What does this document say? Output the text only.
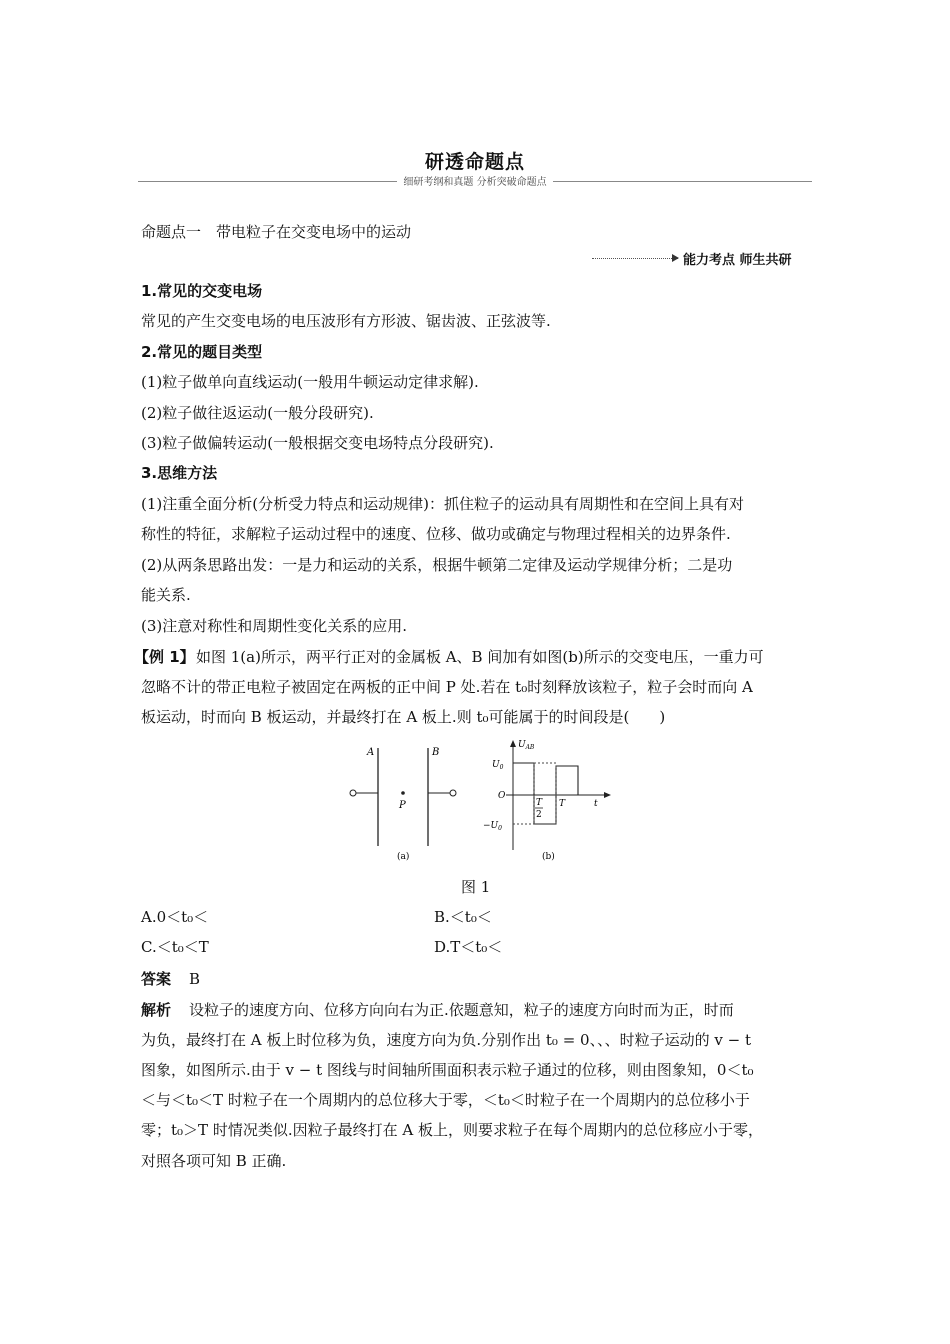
研透命题点
细研考纲和真题 分析突破命题点
命题点一　带电粒子在交变电场中的运动
能力考点 师生共研
1.常见的交变电场
常见的产生交变电场的电压波形有方形波、锯齿波、正弦波等.
2.常见的题目类型
(1)粒子做单向直线运动(一般用牛顿运动定律求解).
(2)粒子做往返运动(一般分段研究).
(3)粒子做偏转运动(一般根据交变电场特点分段研究).
3.思维方法
(1)注重全面分析(分析受力特点和运动规律)：抓住粒子的运动具有周期性和在空间上具有对
称性的特征，求解粒子运动过程中的速度、位移、做功或确定与物理过程相关的边界条件.
(2)从两条思路出发：一是力和运动的关系，根据牛顿第二定律及运动学规律分析；二是功
能关系.
(3)注意对称性和周期性变化关系的应用.
【例 1】 如图 1(a)所示，两平行正对的金属板 A、B 间加有如图(b)所示的交变电压，一重力可
忽略不计的带正电粒子被固定在两板的正中间 P 处.若在 t₀时刻释放该粒子，粒子会时而向 A
板运动，时而向 B 板运动，并最终打在 A 板上.则 t₀可能属于的时间段是(　　)
A	B
P
(a)
$U_{AB}$
$U_0$
$-U_0$
O
T
2
T	t
(b)
图 1
A.0＜t₀＜	B.＜t₀＜
C.＜t₀＜T	D.T＜t₀＜
答案 B
解析 设粒子的速度方向、位移方向向右为正.依题意知，粒子的速度方向时而为正，时而
为负，最终打在 A 板上时位移为负，速度方向为负.分别作出 t₀ = 0、、、时粒子运动的 v − t
图象，如图所示.由于 v − t 图线与时间轴所围面积表示粒子通过的位移，则由图象知，0＜t₀
＜与＜t₀＜T 时粒子在一个周期内的总位移大于零，＜t₀＜时粒子在一个周期内的总位移小于
零；t₀＞T 时情况类似.因粒子最终打在 A 板上，则要求粒子在每个周期内的总位移应小于零，
对照各项可知 B 正确.
